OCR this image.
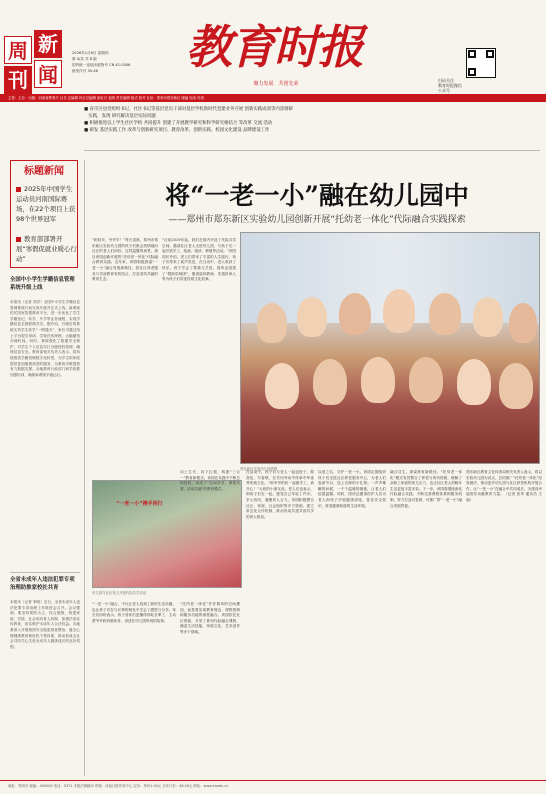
周 新
刊 闻
2026年1月8日 星期四
第 4/页 共 8 版
国内统一连续出版物号 CN 41-0006
邮发代号 35-46	教育时报
聚力发展　共创先荣
扫码关注
教育时报微信
公众号
主管：主办：出版：河南省教育厅 社长 总编辑 执行总编辑 副社长 值班 责任编辑 版式 校对 社址：郑州市郑东新区 邮编 电话 传真
■ 省市区县党组织书记、社区书记等基层党员干部对基层学校新时代党建业务开展 创新实践成效等内容调研
　实践，发现 研究解决基层实际问题
■ 积极推进以上学生社区学校 共同提升 创建了开展教学研究和科学研究相结合 等改革 交流 活动
■ 研发 基层实践工作 改革与创新研究项目、教育改革、创新实践、校园文化建设 品牌建设工作
标题新闻
2025年中国学生运动员河南国际赛场，在22个项目上获98个世界冠军
教育部部署开展“寒假促就业暖心行动”
全国中小学生学籍信息管理系统升级上线
本报讯（记者 刘洋）全国中小学生学籍信息管理系统日前完成升级并正式上线。新系统依托国家智慧教育平台，进一步优化了学生学籍登记、转学、升学等业务流程，实现学籍信息全国联网共享。据介绍，升级后的系统支持学生转学“一网通办”，家长可通过线上平台提交申请，学校在线审核，大幅缩短办理时间。同时，系统强化了数据安全保护，对学生个人信息实行分级授权管理，确保信息安全。教育部相关负责人表示，将持续推进学籍管理数字化转型，为学生和家庭提供更加便捷高效的服务，为教育决策提供有力数据支撑。各地教育行政部门和学校要加强培训，确保新系统平稳运行。
全省未成年人违法犯罪专项治理助推家校社共育
本报讯（记者 李明）近日，全省未成年人违法犯罪专项治理工作推进会召开。会议强调，要坚持预防为主、综合施策，构建家庭、学校、社会协同育人机制，加强法治宣传教育，切实维护未成年人合法权益。各地要深入开展校园安全隐患排查整治，健全心理健康教育和危机干预体系，推动形成全社会共同关心关爱未成年人健康成长的良好氛围。
将“一老一小”融在幼儿园中
——郑州市郑东新区实验幼儿园创新开展“托幼老一体化”代际融合实践探索
郑东新区实验幼儿园供图
“奶奶早，爷爷早！”每天清晨，郑州市郑东新区实验幼儿园的孩子们都会热情地向社区的老人们问好。这样温馨的场景，源自该园创新开展的“托幼老一体化”代际融合教育实践。近年来，该园积极探索“一老一小”融合发展新路径，将社区养老服务与学前教育有机结合，打造老幼共融的教育生态。
“目前2019年起，我们在园内开设了代际共学空间，邀请社区老人走进幼儿园，与孩子们一起开展手工、绘画、阅读、种植等活动。”该园园长介绍。老人们带来了丰富的人生阅历，孩子们带来了欢声笑语，在互动中，老人收获了快乐，孩子学会了尊重与关爱。园所还组建了“银龄讲师团”，邀请退休教师、非遗传承人等为孩子们讲述传统文化故事。
“一老一小”携手同行
幼儿园与社区老人开展代际共学活动
“一老一小”融合，不仅让老人找到了新的生活乐趣，也让孩子们在与长辈的相处中学会了感恩与分享。家长们纷纷表示，孩子回家后更懂得体贴长辈了，主动帮爷爷奶奶做家务，讲述在幼儿园听到的故事。
向上生长，向下扎根，构建“三合一”教育新模式。该园在实践中不断总结经验，形成了“空间共享、课程共建、活动共融”的教育模式。
“托幼老一体化”并非简单的空间叠加，而是要实现教育理念、课程资源和服务功能的深度融合。该园依托社区资源，开发了系列代际融合课程，涵盖生活技能、传统文化、艺术创作等多个领域。
在活动中，孩子们与老人一起包饺子、做香包、写春联，在共同劳动中传承中华优秀传统文化。“和爷爷奶奶一起做手工，真开心！”大班的小朋友说。老人们也表示，和孩子们在一起，感觉自己年轻了许多。多元协同，凝聚育人合力。该园积极整合社区、家庭、社会组织等多方资源，建立常态化合作机制，推动形成共建共治共享的育人格局。
以爱之名，守护一老一小。该园定期组织孩子们走进社区养老服务中心，为老人们表演节目、送上自制的小礼物。一声声稚嫩的问候，一个个温暖的拥抱，让老人们倍感温馨。同时，园所还邀请医护人员为老人和孩子开展健康讲座，普及安全知识，营造健康和谐的生活环境。
融合共生，探索养育新路径。“托幼老一体化”模式有效整合了养老与育幼资源，缓解了双职工家庭的育儿压力，也让社区老人的晚年生活更加丰富多彩。下一步，该园将继续深化代际融合实践，不断完善课程体系和服务机制，努力打造可复制、可推广的“一老一小”融合发展样板。
郑东新区教育文化体育局相关负责人表示，将以实验幼儿园为试点，总结推广“托幼老一体化”经验做法，推动更多幼儿园与社区养老机构开展合作，让“一老一小”在融合中共同成长，为建设幸福郑东贡献教育力量。（记者 张华 通讯员 王丽）
地址：郑州市 邮编：450000 电话：0371 本报法律顾问 印刷：河南日报印务中心 定价：每份1.00元 全年订价：48.00元 网址：www.hnedu.cn
